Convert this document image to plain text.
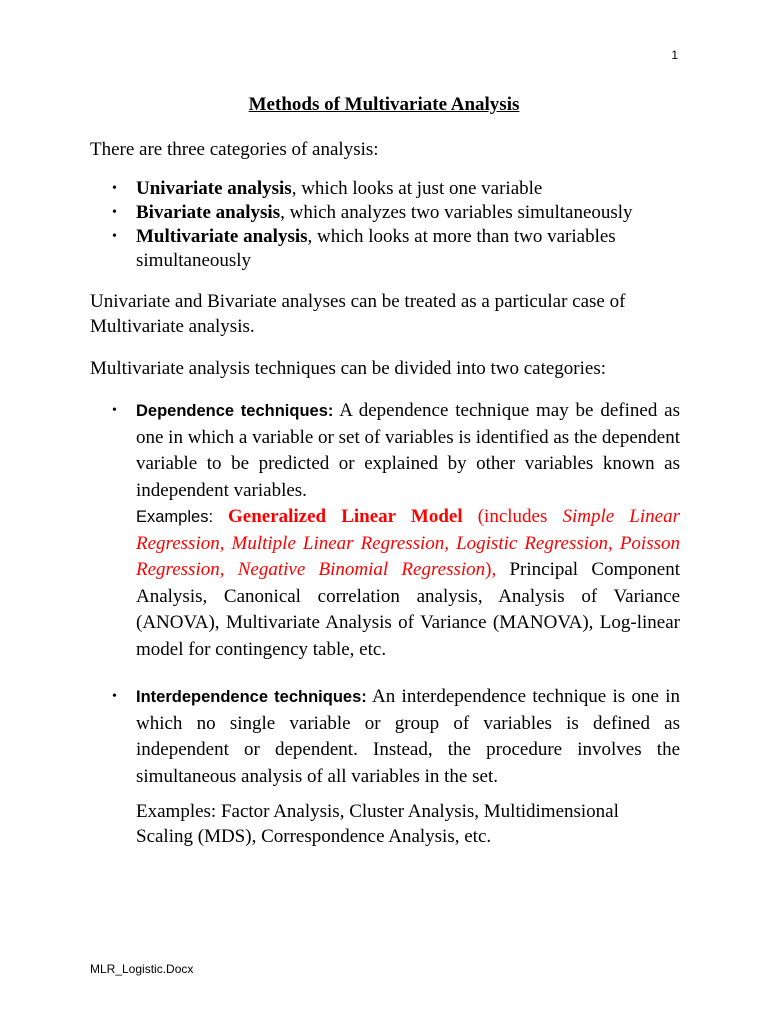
1
Methods of Multivariate Analysis

There are three categories of analysis:

• Univariate analysis, which looks at just one variable
• Bivariate analysis, which analyzes two variables simultaneously
• Multivariate analysis, which looks at more than two variables simultaneously

Univariate and Bivariate analyses can be treated as a particular case of Multivariate analysis.

Multivariate analysis techniques can be divided into two categories:

• Dependence techniques: A dependence technique may be defined as one in which a variable or set of variables is identified as the dependent variable to be predicted or explained by other variables known as independent variables.
Examples: Generalized Linear Model (includes Simple Linear Regression, Multiple Linear Regression, Logistic Regression, Poisson Regression, Negative Binomial Regression), Principal Component Analysis, Canonical correlation analysis, Analysis of Variance (ANOVA), Multivariate Analysis of Variance (MANOVA), Log-linear model for contingency table, etc.
• Interdependence techniques: An interdependence technique is one in which no single variable or group of variables is defined as independent or dependent. Instead, the procedure involves the simultaneous analysis of all variables in the set.

Examples: Factor Analysis, Cluster Analysis, Multidimensional Scaling (MDS), Correspondence Analysis, etc.

MLR_Logistic.Docx
